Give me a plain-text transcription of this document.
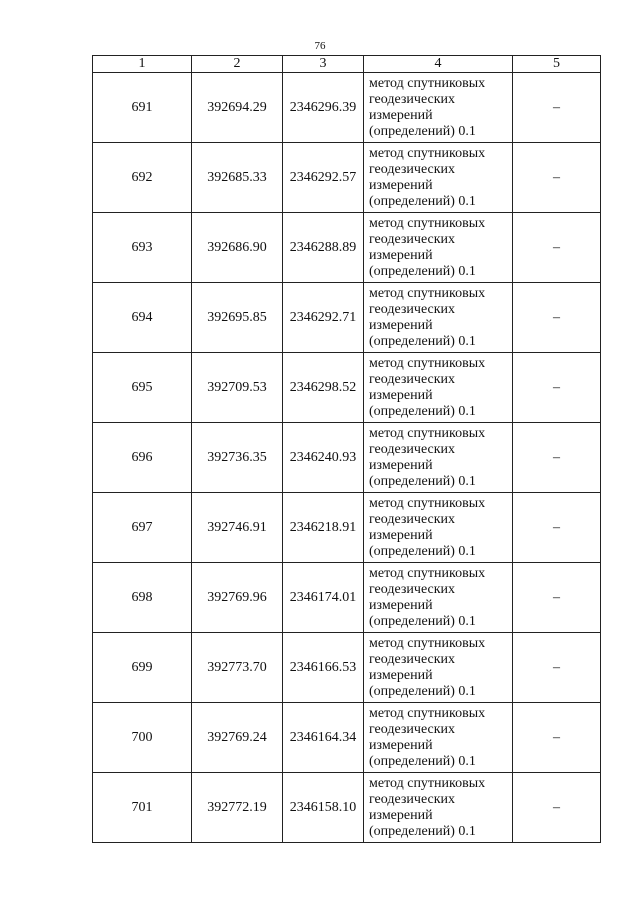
76
1	2	3	4	5
691	392694.29	2346296.39	метод спутниковых
геодезических
измерений
(определений) 0.1	–
692	392685.33	2346292.57	метод спутниковых
геодезических
измерений
(определений) 0.1	–
693	392686.90	2346288.89	метод спутниковых
геодезических
измерений
(определений) 0.1	–
694	392695.85	2346292.71	метод спутниковых
геодезических
измерений
(определений) 0.1	–
695	392709.53	2346298.52	метод спутниковых
геодезических
измерений
(определений) 0.1	–
696	392736.35	2346240.93	метод спутниковых
геодезических
измерений
(определений) 0.1	–
697	392746.91	2346218.91	метод спутниковых
геодезических
измерений
(определений) 0.1	–
698	392769.96	2346174.01	метод спутниковых
геодезических
измерений
(определений) 0.1	–
699	392773.70	2346166.53	метод спутниковых
геодезических
измерений
(определений) 0.1	–
700	392769.24	2346164.34	метод спутниковых
геодезических
измерений
(определений) 0.1	–
701	392772.19	2346158.10	метод спутниковых
геодезических
измерений
(определений) 0.1	–
